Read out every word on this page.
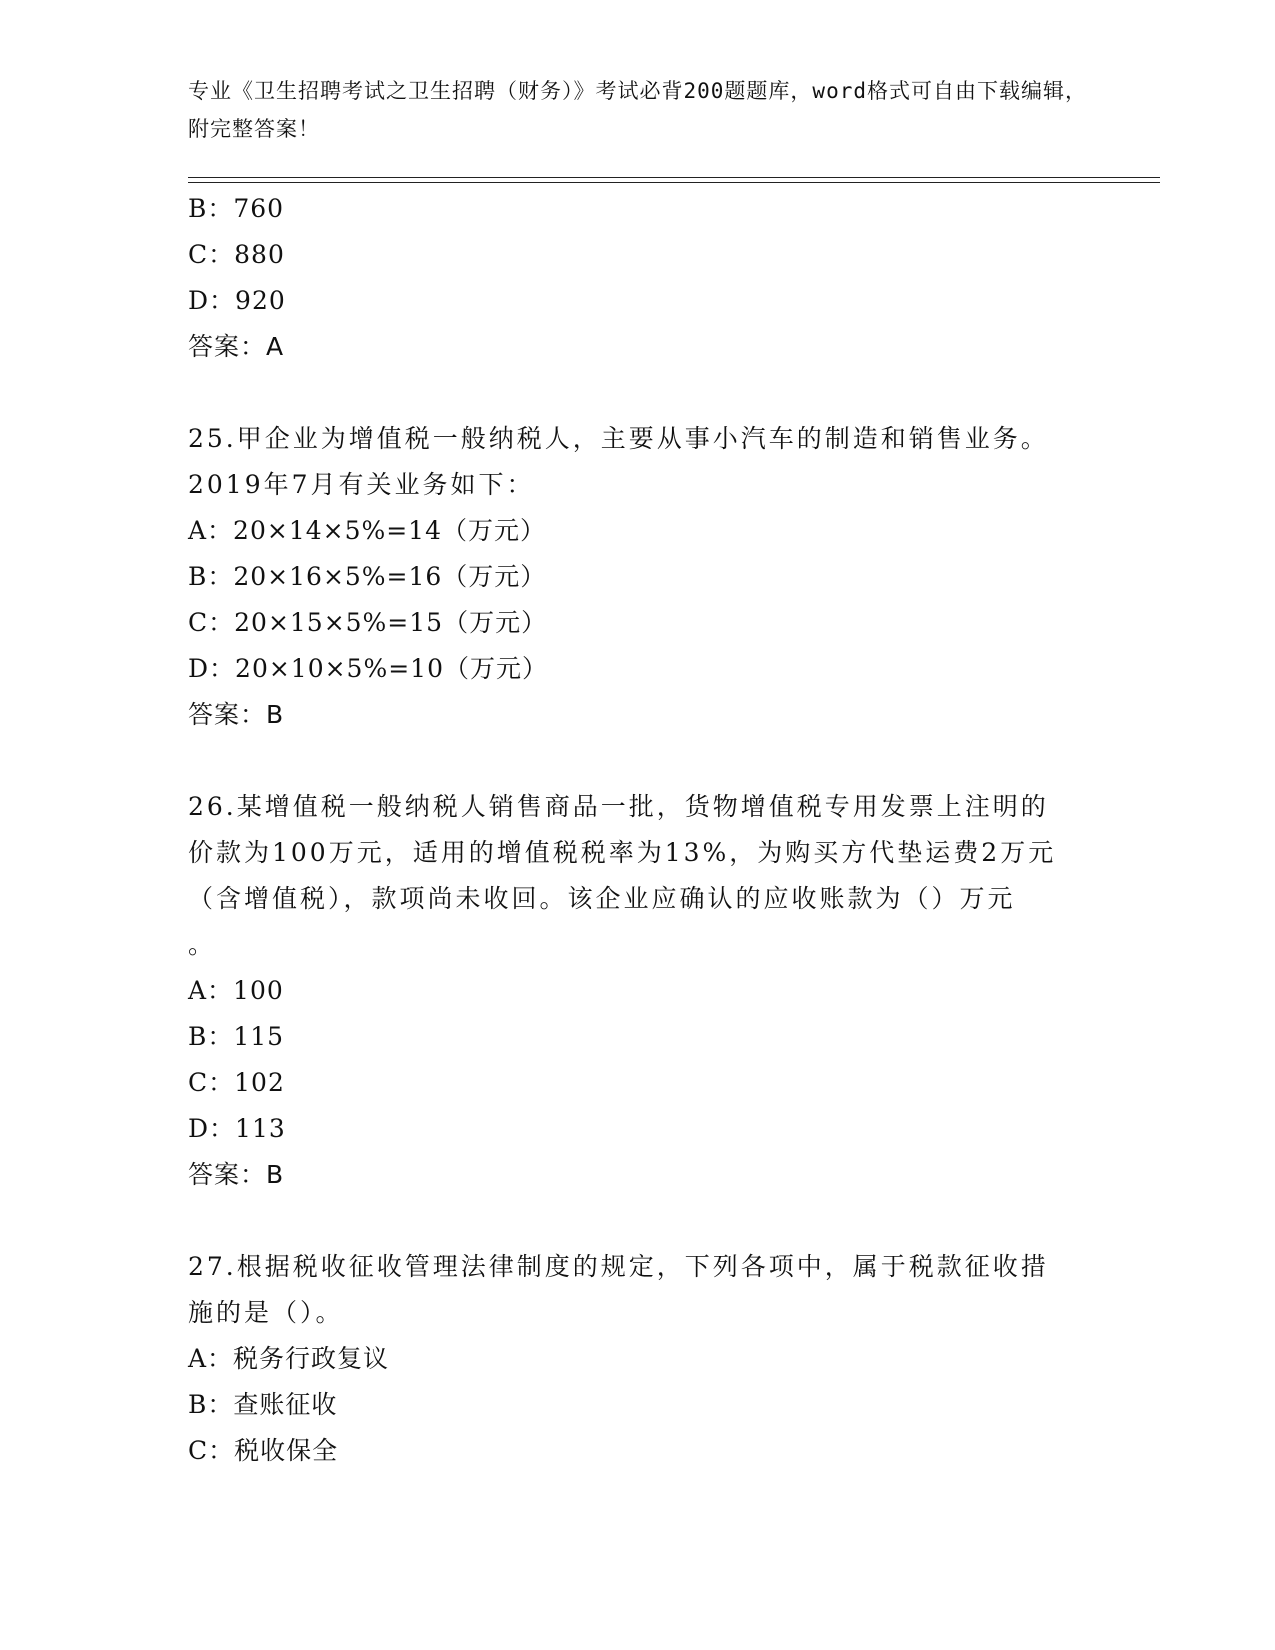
专业《卫生招聘考试之卫生招聘（财务）》考试必背200题题库，word格式可自由下载编辑，附完整答案！
B：760
C：880
D：920
答案：A
25.甲企业为增值税一般纳税人，主要从事小汽车的制造和销售业务。
2019年7月有关业务如下：
A：20×14×5%=14（万元）
B：20×16×5%=16（万元）
C：20×15×5%=15（万元）
D：20×10×5%=10（万元）
答案：B
26.某增值税一般纳税人销售商品一批，货物增值税专用发票上注明的
价款为100万元，适用的增值税税率为13%，为购买方代垫运费2万元
（含增值税），款项尚未收回。该企业应确认的应收账款为（）万元
。
A：100
B：115
C：102
D：113
答案：B
27.根据税收征收管理法律制度的规定，下列各项中，属于税款征收措
施的是（）。
A：税务行政复议
B：查账征收
C：税收保全
